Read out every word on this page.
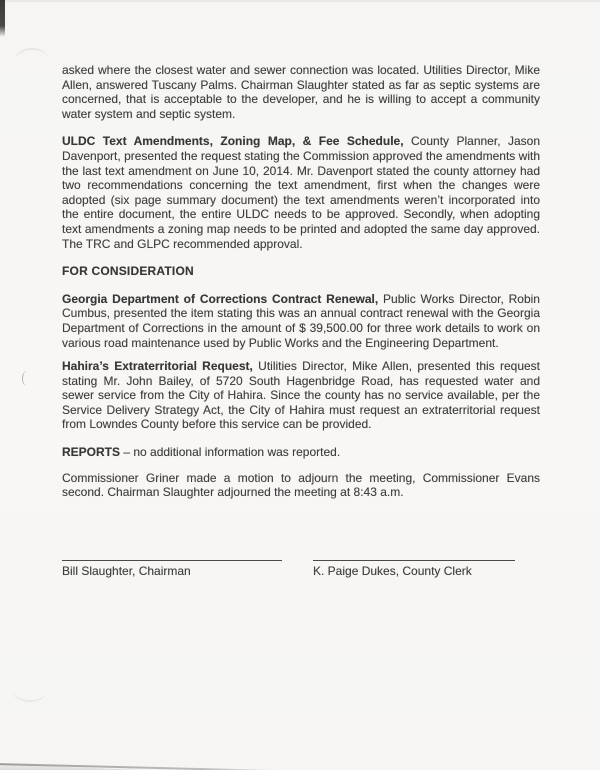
asked where the closest water and sewer connection was located. Utilities Director, Mike Allen, answered Tuscany Palms. Chairman Slaughter stated as far as septic systems are concerned, that is acceptable to the developer, and he is willing to accept a community water system and septic system.

ULDC Text Amendments, Zoning Map, & Fee Schedule, County Planner, Jason Davenport, presented the request stating the Commission approved the amendments with the last text amendment on June 10, 2014. Mr. Davenport stated the county attorney had two recommendations concerning the text amendment, first when the changes were adopted (six page summary document) the text amendments weren’t incorporated into the entire document, the entire ULDC needs to be approved. Secondly, when adopting text amendments a zoning map needs to be printed and adopted the same day approved. The TRC and GLPC recommended approval.

FOR CONSIDERATION

Georgia Department of Corrections Contract Renewal, Public Works Director, Robin Cumbus, presented the item stating this was an annual contract renewal with the Georgia Department of Corrections in the amount of $ 39,500.00 for three work details to work on various road maintenance used by Public Works and the Engineering Department.

Hahira’s Extraterritorial Request, Utilities Director, Mike Allen, presented this request stating Mr. John Bailey, of 5720 South Hagenbridge Road, has requested water and sewer service from the City of Hahira. Since the county has no service available, per the Service Delivery Strategy Act, the City of Hahira must request an extraterritorial request from Lowndes County before this service can be provided.

REPORTS – no additional information was reported.

Commissioner Griner made a motion to adjourn the meeting, Commissioner Evans second. Chairman Slaughter adjourned the meeting at 8:43 a.m.

Bill Slaughter, Chairman	K. Paige Dukes, County Clerk
